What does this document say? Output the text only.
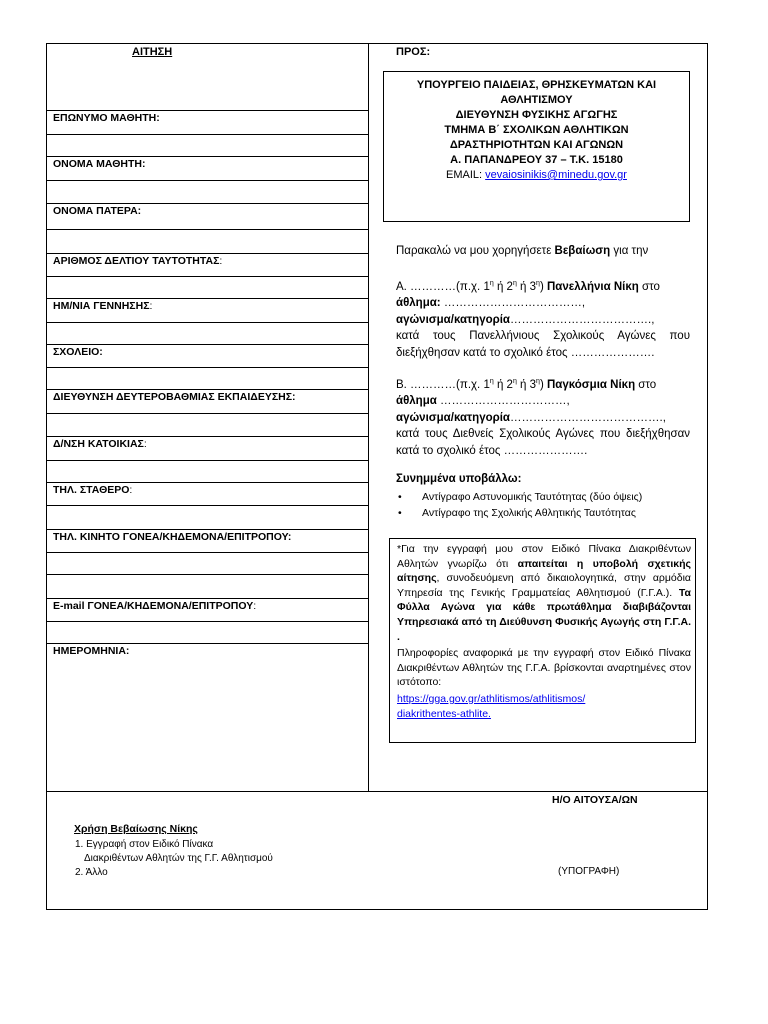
ΑΙΤΗΣΗ
ΕΠΩΝΥΜΟ ΜΑΘΗΤΗ:
ΟΝΟΜΑ ΜΑΘΗΤΗ:
ΟΝΟΜΑ ΠΑΤΕΡΑ:
ΑΡΙΘΜΟΣ ΔΕΛΤΙΟΥ ΤΑΥΤΟΤΗΤΑΣ:
ΗΜ/ΝΙΑ ΓΕΝΝΗΣΗΣ:
ΣΧΟΛΕΙΟ:
ΔΙΕΥΘΥΝΣΗ ΔΕΥΤΕΡΟΒΑΘΜΙΑΣ ΕΚΠΑΙΔΕΥΣΗΣ:
Δ/ΝΣΗ ΚΑΤΟΙΚΙΑΣ:
ΤΗΛ. ΣΤΑΘΕΡΟ:
ΤΗΛ. ΚΙΝΗΤΟ ΓΟΝΕΑ/ΚΗΔΕΜΟΝΑ/ΕΠΙΤΡΟΠΟΥ:
E-mail ΓΟΝΕΑ/ΚΗΔΕΜΟΝΑ/ΕΠΙΤΡΟΠΟΥ:
ΗΜΕΡΟΜΗΝΙΑ:
ΠΡΟΣ:
ΥΠΟΥΡΓΕΙΟ ΠΑΙΔΕΙΑΣ, ΘΡΗΣΚΕΥΜΑΤΩΝ ΚΑΙ
ΑΘΛΗΤΙΣΜΟΥ
ΔΙΕΥΘΥΝΣΗ ΦΥΣΙΚΗΣ ΑΓΩΓΗΣ
ΤΜΗΜΑ Β΄ ΣΧΟΛΙΚΩΝ ΑΘΛΗΤΙΚΩΝ
ΔΡΑΣΤΗΡΙΟΤΗΤΩΝ ΚΑΙ ΑΓΩΝΩΝ
Α. ΠΑΠΑΝΔΡΕΟΥ 37 – Τ.Κ. 15180
EMAIL: vevaiosinikis@minedu.gov.gr
Παρακαλώ να μου χορηγήσετε Βεβαίωση για την
Α. …………(π.χ. $1^\eta$ ή $2^\eta$ ή $3^\eta$) Πανελλήνια Νίκη στο
άθλημα: ………………………………,
αγώνισμα/κατηγορία……………………………….,
κατά τους Πανελλήνιους Σχολικούς Αγώνες που διεξήχθησαν κατά το σχολικό έτος ………………….
Β. …………(π.χ. $1^\eta$ ή $2^\eta$ ή $3^\eta$) Παγκόσμια Νίκη στο
άθλημα ……………………………,
αγώνισμα/κατηγορία………………………………….,
κατά τους Διεθνείς Σχολικούς Αγώνες που διεξήχθησαν κατά το σχολικό έτος ………………….
Συνημμένα υποβάλλω:
• Αντίγραφο Αστυνομικής Ταυτότητας (δύο όψεις)
• Αντίγραφο της Σχολικής Αθλητικής Ταυτότητας

*Για την εγγραφή μου στον Ειδικό Πίνακα Διακριθέντων Αθλητών γνωρίζω ότι απαιτείται η υποβολή σχετικής αίτησης, συνοδευόμενη από δικαιολογητικά, στην αρμόδια Υπηρεσία της Γενικής Γραμματείας Αθλητισμού (Γ.Γ.Α.). Τα Φύλλα Αγώνα για κάθε πρωτάθλημα διαβιβάζονται Υπηρεσιακά από τη Διεύθυνση Φυσικής Αγωγής στη Γ.Γ.Α. .

Πληροφορίες αναφορικά με την εγγραφή στον Ειδικό Πίνακα Διακριθέντων Αθλητών της Γ.Γ.Α. βρίσκονται αναρτημένες στον ιστότοπο:

https://gga.gov.gr/athlitismos/athlitismos/
diakrithentes-athlite.
Η/Ο ΑΙΤΟΥΣΑ/ΩΝ
Χρήση Βεβαίωσης Νίκης
1. Εγγραφή στον Ειδικό Πίνακα
Διακριθέντων Αθλητών της Γ.Γ. Αθλητισμού
2. Άλλο	(ΥΠΟΓΡΑΦΗ)
